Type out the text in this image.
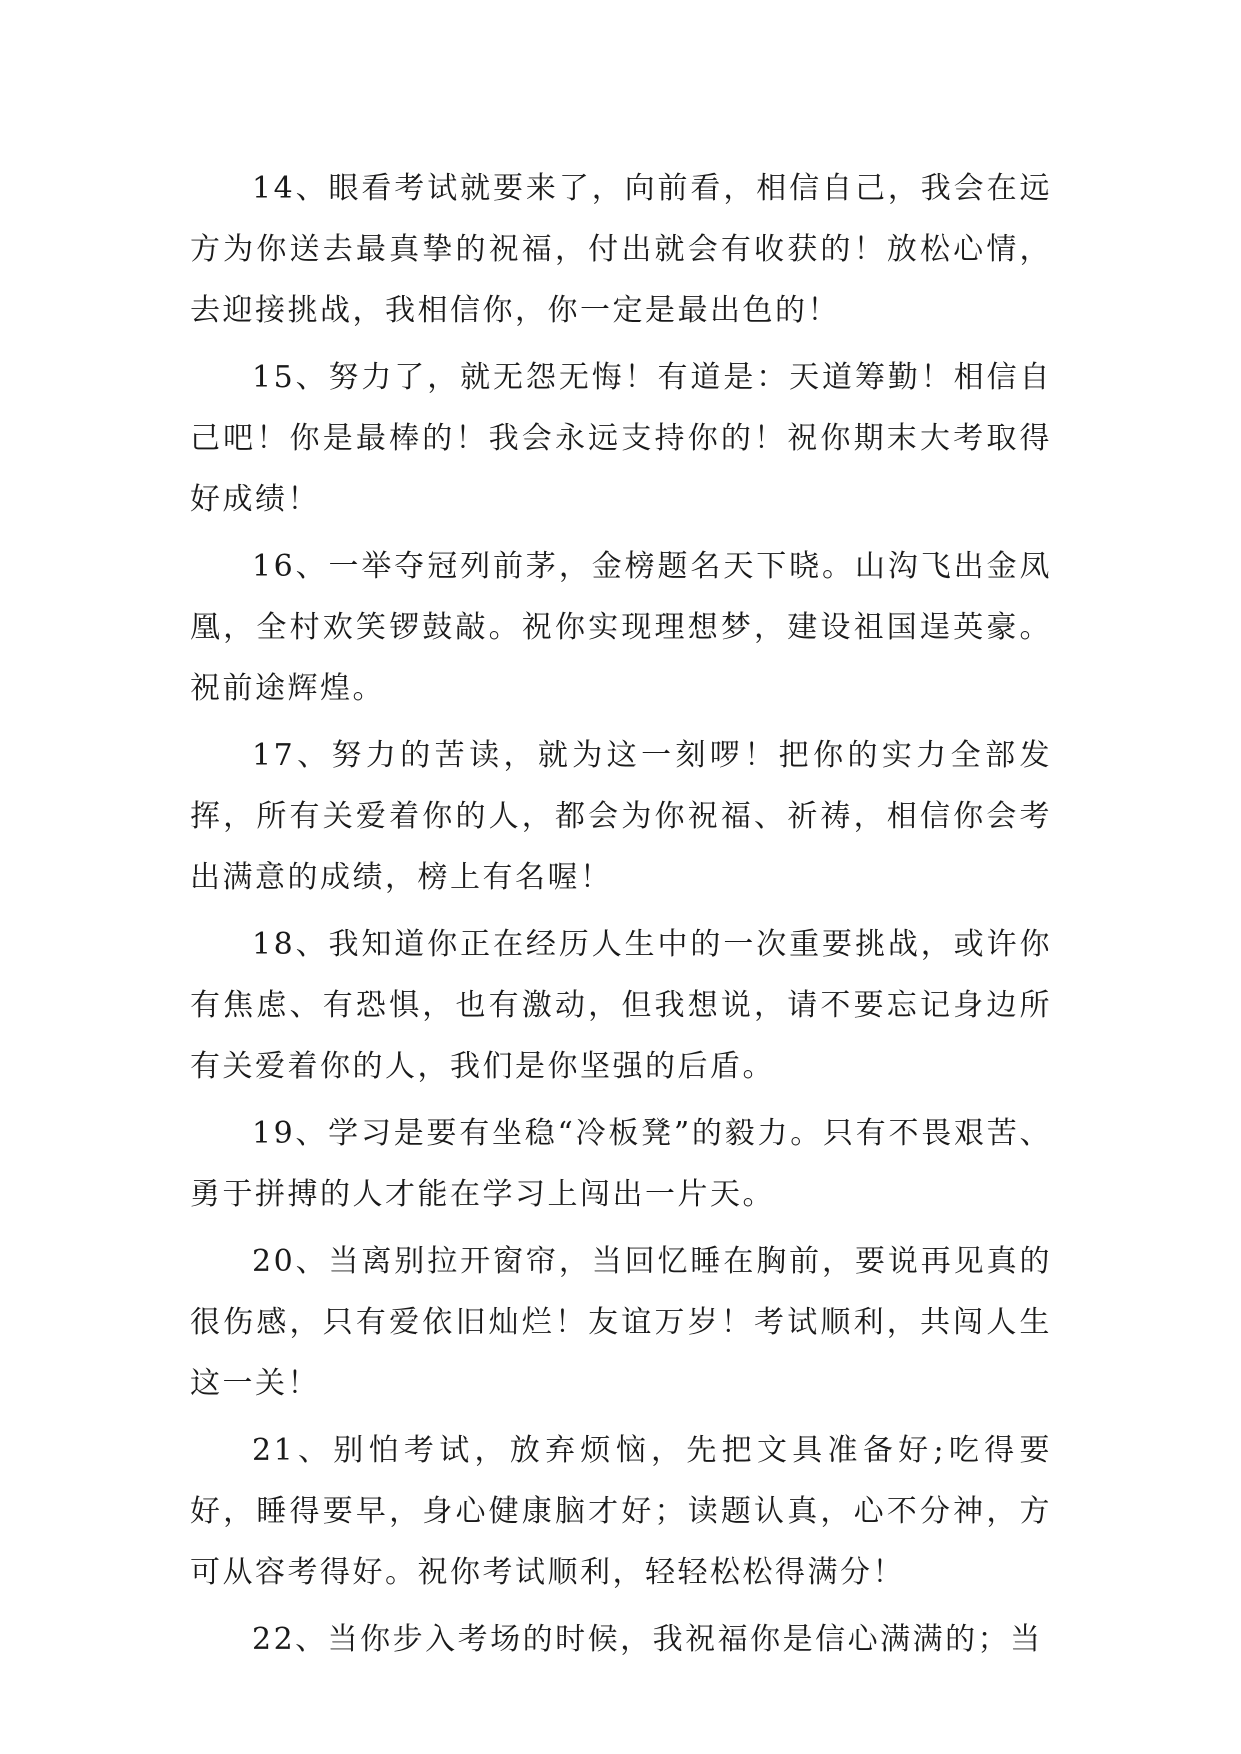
14、眼看考试就要来了，向前看，相信自己，我会在远方为你送去最真挚的祝福，付出就会有收获的！放松心情，去迎接挑战，我相信你，你一定是最出色的！

15、努力了，就无怨无悔！有道是：天道筹勤！相信自己吧！你是最棒的！我会永远支持你的！祝你期末大考取得好成绩！

16、一举夺冠列前茅，金榜题名天下晓。山沟飞出金凤凰，全村欢笑锣鼓敲。祝你实现理想梦，建设祖国逞英豪。祝前途辉煌。

17、努力的苦读，就为这一刻啰！把你的实力全部发挥，所有关爱着你的人，都会为你祝福、祈祷，相信你会考出满意的成绩，榜上有名喔！

18、我知道你正在经历人生中的一次重要挑战，或许你有焦虑、有恐惧，也有激动，但我想说，请不要忘记身边所有关爱着你的人，我们是你坚强的后盾。

19、学习是要有坐稳“冷板凳”的毅力。只有不畏艰苦、勇于拼搏的人才能在学习上闯出一片天。

20、当离别拉开窗帘，当回忆睡在胸前，要说再见真的很伤感，只有爱依旧灿烂！友谊万岁！考试顺利，共闯人生这一关！

21、别怕考试，放弃烦恼，先把文具准备好;吃得要好，睡得要早，身心健康脑才好；读题认真，心不分神，方可从容考得好。祝你考试顺利，轻轻松松得满分！

22、当你步入考场的时候，我祝福你是信心满满的；当
